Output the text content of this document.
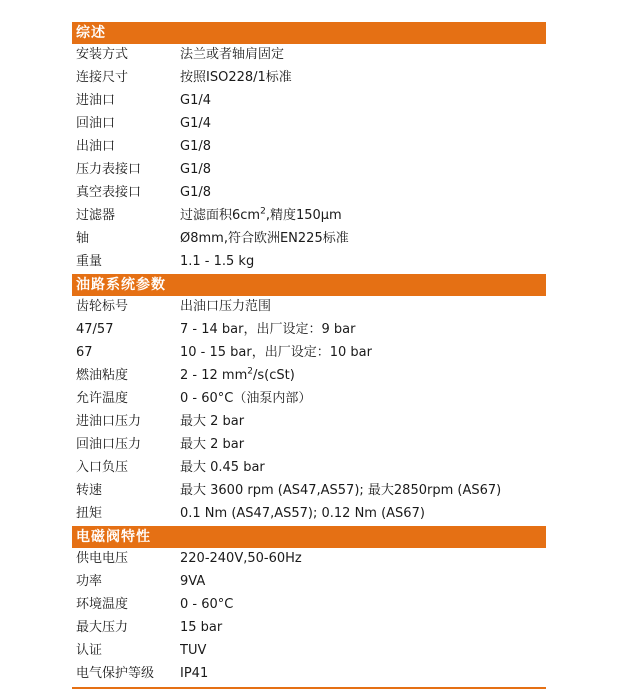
综述
安装方式	法兰或者轴肩固定
连接尺寸	按照ISO228/1标准
进油口	G1/4
回油口	G1/4
出油口	G1/8
压力表接口	G1/8
真空表接口	G1/8
过滤器	过滤面积$6cm^2$,精度150µm
轴	Ø8mm,符合欧洲EN225标准
重量	1.1 - 1.5 kg
油路系统参数
齿轮标号	出油口压力范围
47/57	7 - 14 bar，出厂设定：9 bar
67	10 - 15 bar，出厂设定：10 bar
燃油粘度	2 - 12 $mm^2/s(cSt)$
允许温度	0 - 60°C（油泵内部）
进油口压力	最大 2 bar
回油口压力	最大 2 bar
入口负压	最大 0.45 bar
转速	最大 3600 rpm (AS47,AS57); 最大2850rpm (AS67)
扭矩	0.1 Nm (AS47,AS57); 0.12 Nm (AS67)
电磁阀特性
供电电压	220-240V,50-60Hz
功率	9VA
环境温度	0 - 60°C
最大压力	15 bar
认证	TUV
电气保护等级	IP41
